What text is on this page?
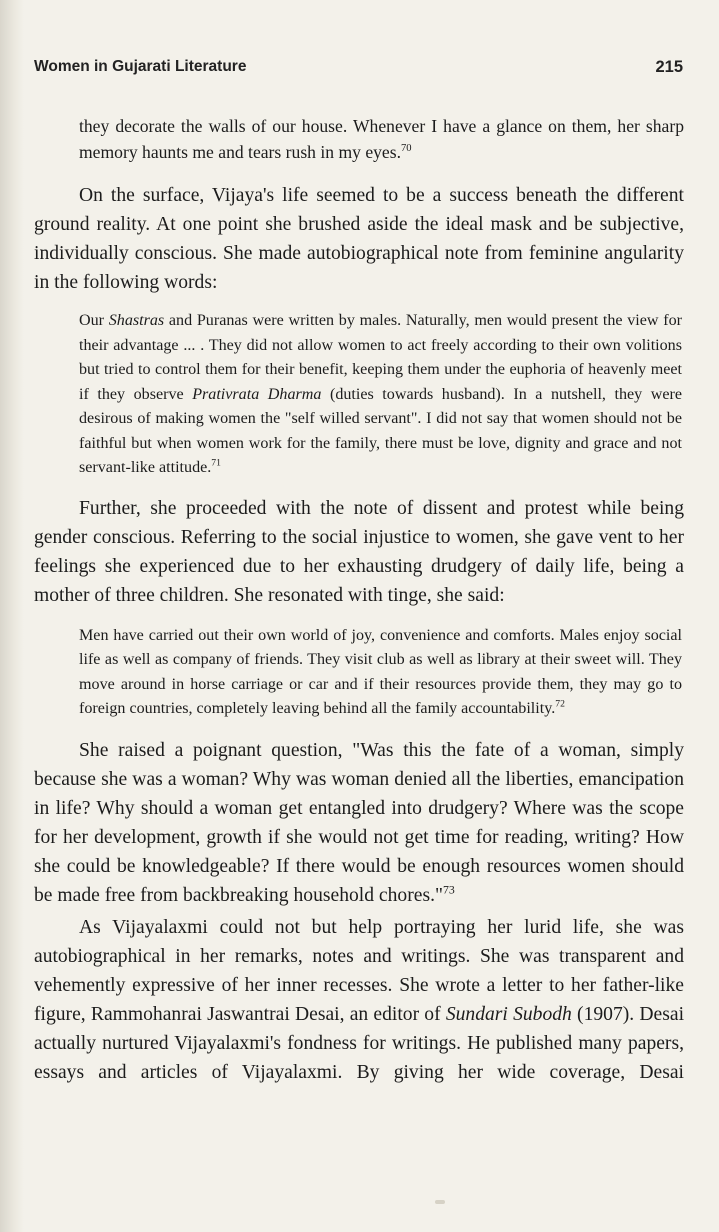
Women in Gujarati Literature	215

they decorate the walls of our house. Whenever I have a glance on them, her sharp memory haunts me and tears rush in my eyes.$^{70}$

On the surface, Vijaya's life seemed to be a success beneath the different ground reality. At one point she brushed aside the ideal mask and be subjective, individually conscious. She made autobiographical note from feminine angularity in the following words:

Our Shastras and Puranas were written by males. Naturally, men would present the view for their advantage ... . They did not allow women to act freely according to their own volitions but tried to control them for their benefit, keeping them under the euphoria of heavenly meet if they observe Prativrata Dharma (duties towards husband). In a nutshell, they were desirous of making women the "self willed servant". I did not say that women should not be faithful but when women work for the family, there must be love, dignity and grace and not servant-like attitude.$^{71}$

Further, she proceeded with the note of dissent and protest while being gender conscious. Referring to the social injustice to women, she gave vent to her feelings she experienced due to her exhausting drudgery of daily life, being a mother of three children. She resonated with tinge, she said:

Men have carried out their own world of joy, convenience and comforts. Males enjoy social life as well as company of friends. They visit club as well as library at their sweet will. They move around in horse carriage or car and if their resources provide them, they may go to foreign countries, completely leaving behind all the family accountability.$^{72}$

She raised a poignant question, "Was this the fate of a woman, simply because she was a woman? Why was woman denied all the liberties, emancipation in life? Why should a woman get entangled into drudgery? Where was the scope for her development, growth if she would not get time for reading, writing? How she could be knowledgeable? If there would be enough resources women should be made free from backbreaking household chores."$^{73}$

As Vijayalaxmi could not but help portraying her lurid life, she was autobiographical in her remarks, notes and writings. She was transparent and vehemently expressive of her inner recesses. She wrote a letter to her father-like figure, Rammohanrai Jaswantrai Desai, an editor of Sundari Subodh (1907). Desai actually nurtured Vijayalaxmi's fondness for writings. He published many papers, essays and articles of Vijayalaxmi. By giving her wide coverage, Desai
